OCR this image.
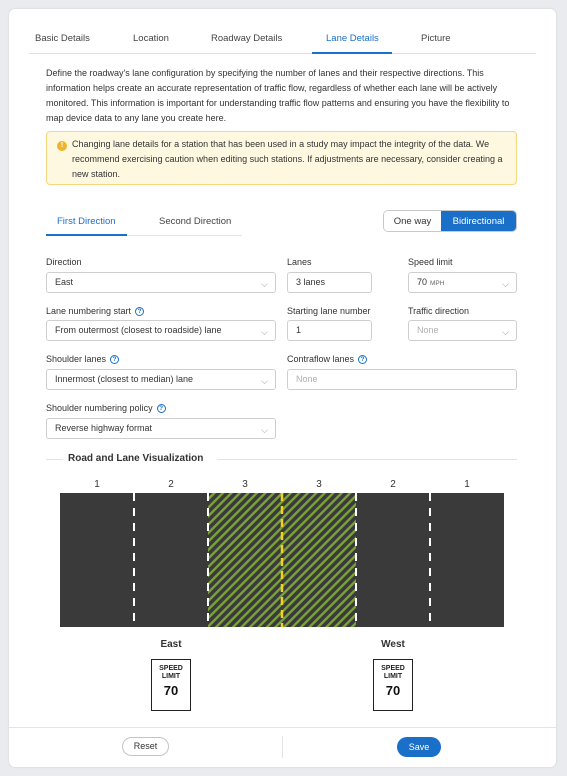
Basic Details	Location	Roadway Details	Lane Details	Picture
Define the roadway's lane configuration by specifying the number of lanes and their respective directions. This information helps create an accurate representation of traffic flow, regardless of whether each lane will be actively monitored. This information is important for understanding traffic flow patterns and ensuring you have the flexibility to map device data to any lane you create here.
! Changing lane details for a station that has been used in a study may impact the integrity of the data. We recommend exercising caution when editing such stations. If adjustments are necessary, consider creating a new station.
First Direction	Second Direction	One way	Bidirectional
Direction
East	⌵
Lanes
3 lanes
Speed limit
70 MPH	⌵
Lane numbering start ?
From outermost (closest to roadside) lane	⌵
Starting lane number
1
Traffic direction
None	⌵
Shoulder lanes ?
Innermost (closest to median) lane	⌵
Contraflow lanes ?
None
Shoulder numbering policy ?
Reverse highway format	⌵
Road and Lane Visualization
1	2	3	3	2	1
East	West
SPEED LIMIT
70
SPEED LIMIT
70
Reset	Save
